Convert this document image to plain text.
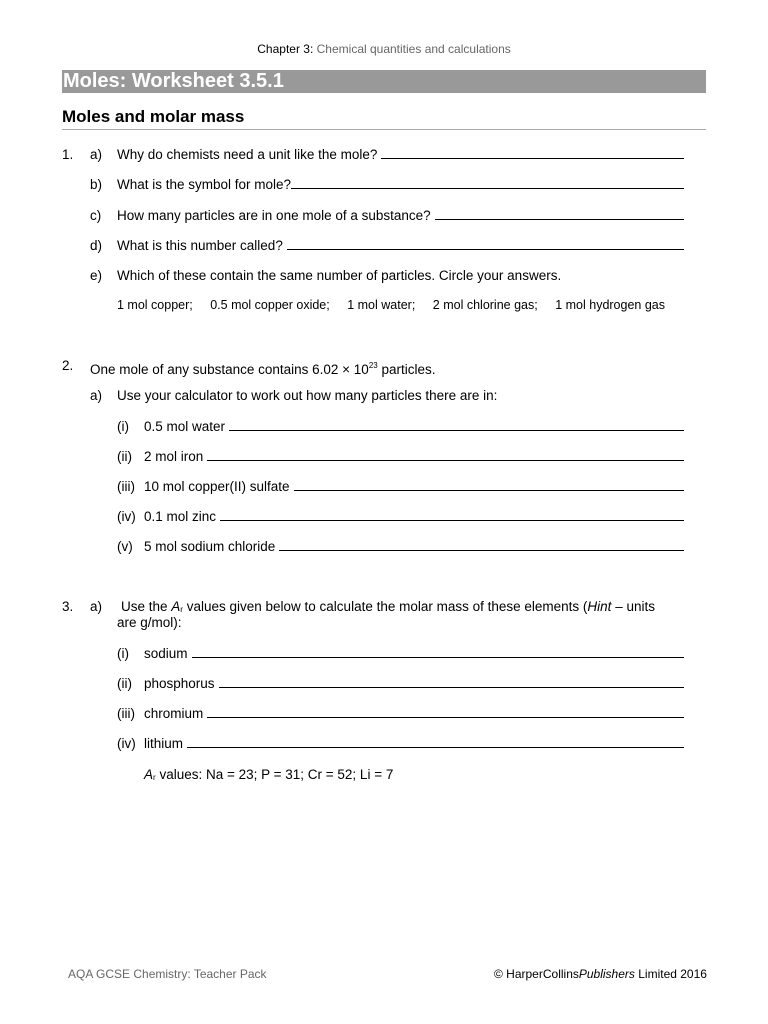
Chapter 3: Chemical quantities and calculations
Moles: Worksheet 3.5.1
Moles and molar mass
1. a) Why do chemists need a unit like the mole?
b) What is the symbol for mole?
c) How many particles are in one mole of a substance?
d) What is this number called?
e) Which of these contain the same number of particles. Circle your answers.
1 mol copper; 0.5 mol copper oxide; 1 mol water; 2 mol chlorine gas; 1 mol hydrogen gas
2. One mole of any substance contains $6.02 \times 10^{23}$ particles.
a) Use your calculator to work out how many particles there are in:
(i) 0.5 mol water
(ii) 2 mol iron
(iii) 10 mol copper(II) sulfate
(iv) 0.1 mol zinc
(v) 5 mol sodium chloride
3. a) Use the $A_r$ values given below to calculate the molar mass of these elements (Hint – units
are g/mol):
(i) sodium
(ii) phosphorus
(iii) chromium
(iv) lithium
$A_r$ values: Na = 23; P = 31; Cr = 52; Li = 7
AQA GCSE Chemistry: Teacher Pack	© HarperCollinsPublishers Limited 2016
